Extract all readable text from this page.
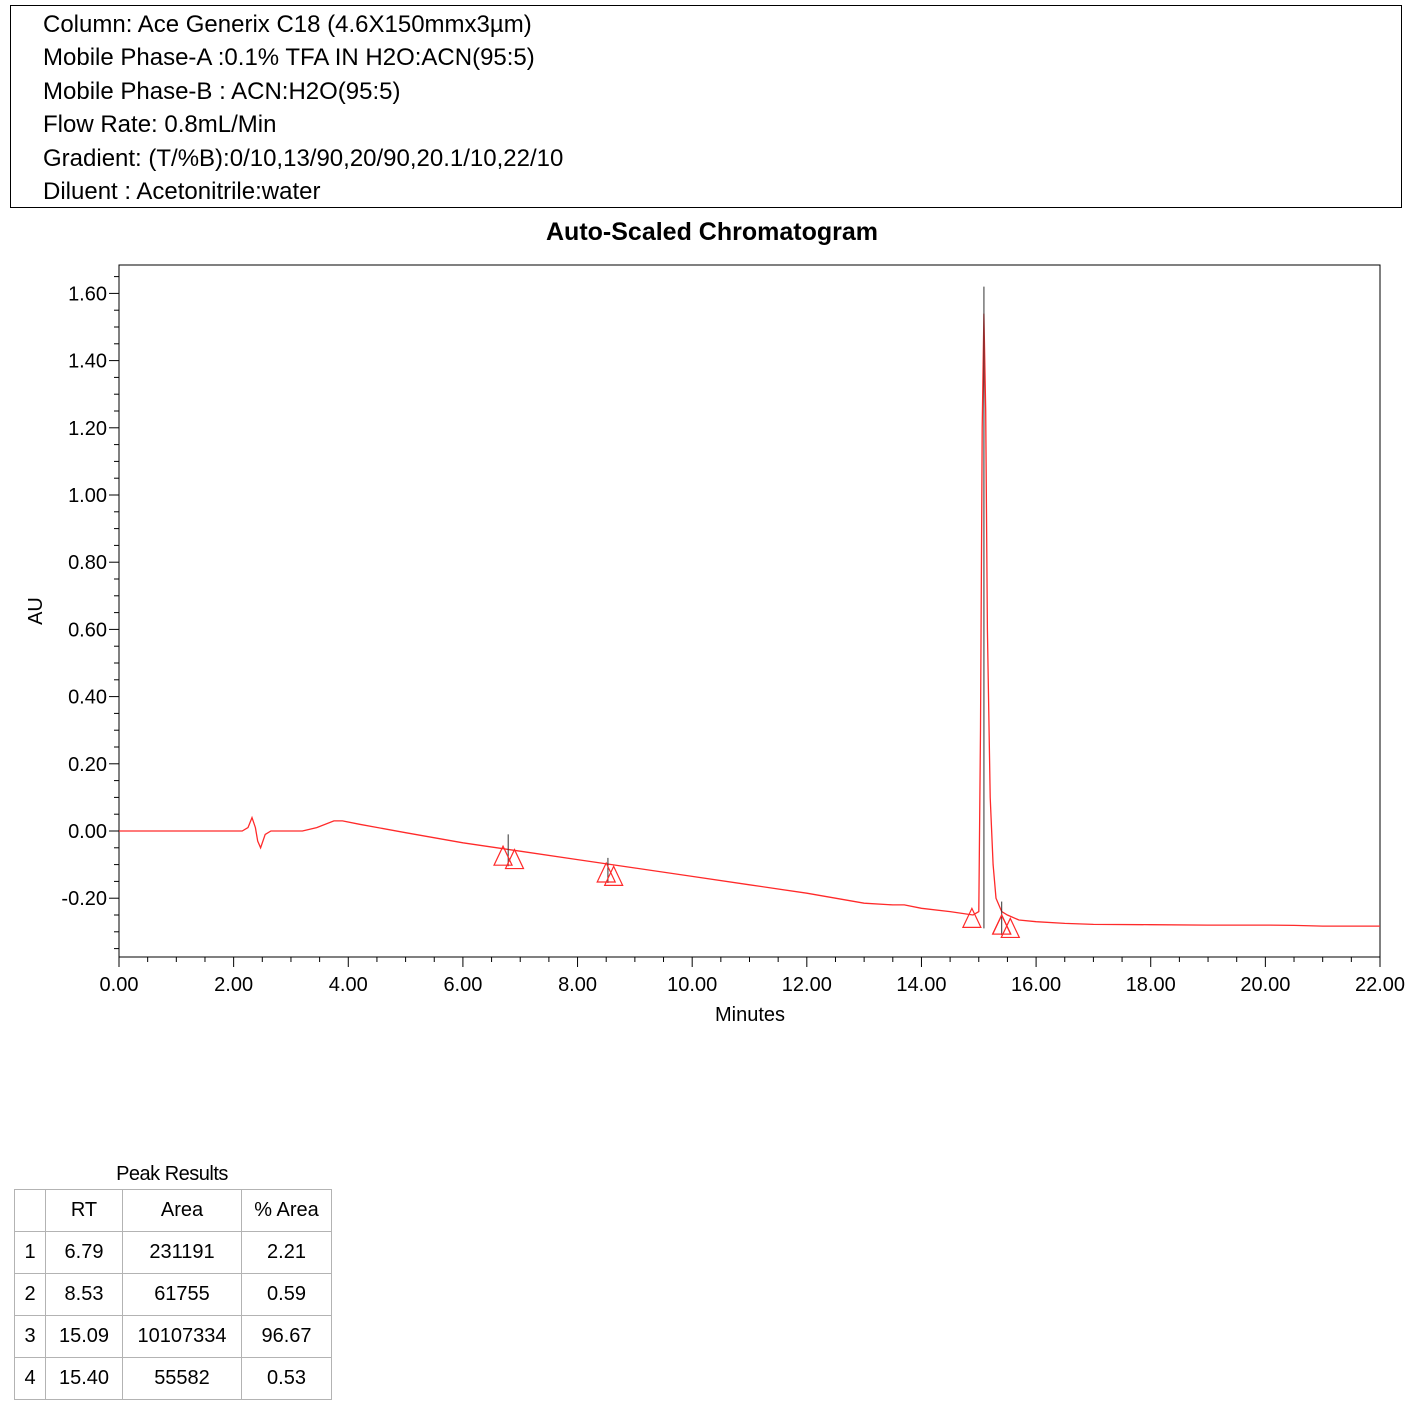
Column: Ace Generix C18 (4.6X150mmx3µm)
Mobile Phase-A :0.1% TFA IN H2O:ACN(95:5)
Mobile Phase-B : ACN:H2O(95:5)
Flow Rate: 0.8mL/Min
Gradient: (T/%B):0/10,13/90,20/90,20.1/10,22/10
Diluent : Acetonitrile:water
Auto-Scaled Chromatogram
0.00	2.00	4.00	6.00	8.00	10.00	12.00	14.00	16.00	18.00	20.00	22.00
-0.20
0.00
0.20
0.40
0.60
0.80
1.00
1.20
1.40
1.60
Minutes
AU
Peak Results
	RT	Area	% Area
1	6.79	231191	2.21
2	8.53	61755	0.59
3	15.09	10107334	96.67
4	15.40	55582	0.53
